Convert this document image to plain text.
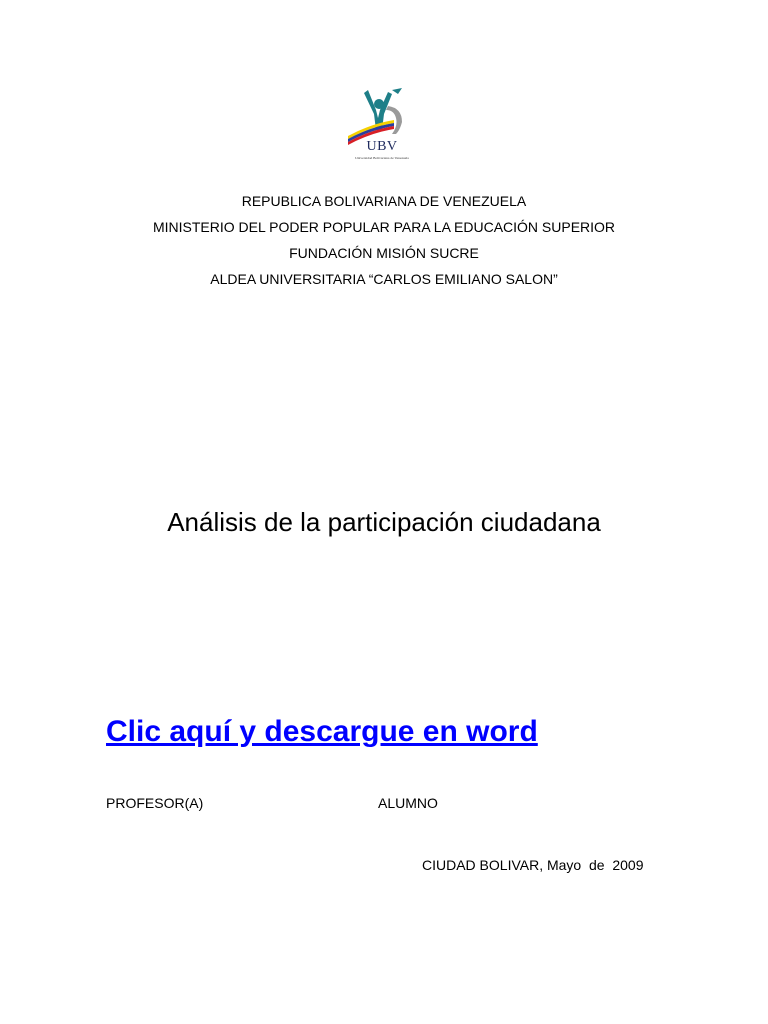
UBV
Universidad Bolivariana de Venezuela
REPUBLICA BOLIVARIANA DE VENEZUELA
MINISTERIO DEL PODER POPULAR PARA LA EDUCACIÓN SUPERIOR
FUNDACIÓN MISIÓN SUCRE
ALDEA UNIVERSITARIA “CARLOS EMILIANO SALON”
Análisis de la participación ciudadana
Clic aquí y descargue en word
PROFESOR(A)	ALUMNO
CIUDAD BOLIVAR, Mayo  de  2009
